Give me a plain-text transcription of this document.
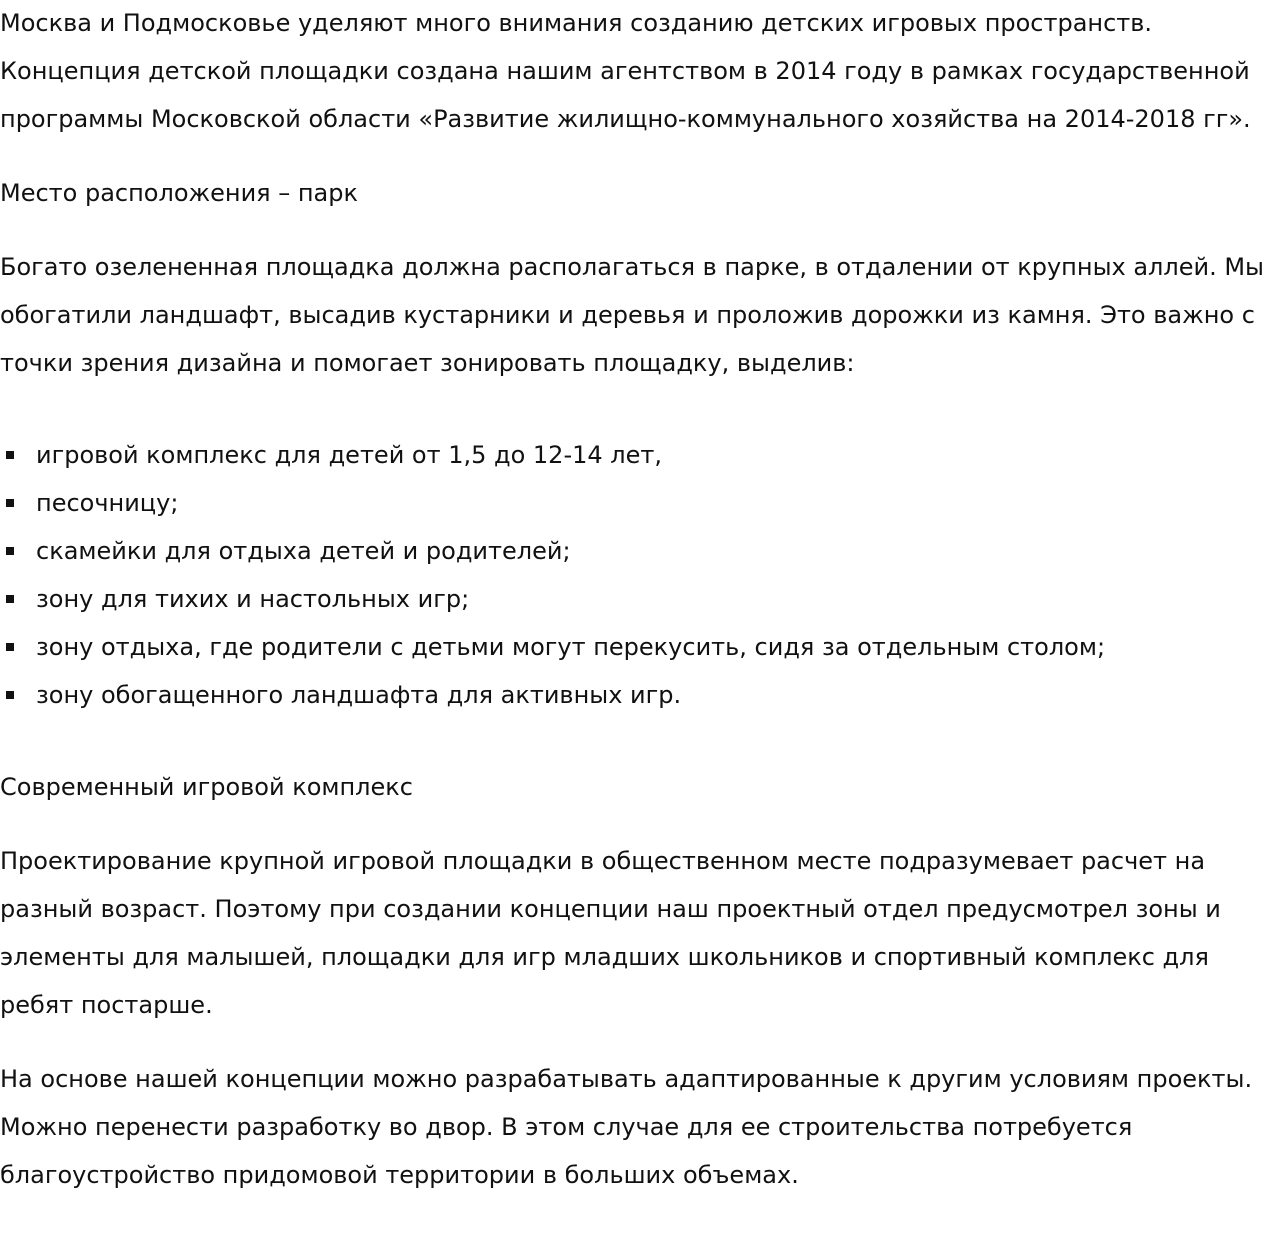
Москва и Подмосковье уделяют много внимания созданию детских игровых пространств. Концепция детской площадки создана нашим агентством в 2014 году в рамках государственной программы Московской области «Развитие жилищно-коммунального хозяйства на 2014-2018 гг».

Место расположения – парк

Богато озелененная площадка должна располагаться в парке, в отдалении от крупных аллей. Мы обогатили ландшафт, высадив кустарники и деревья и проложив дорожки из камня. Это важно с точки зрения дизайна и помогает зонировать площадку, выделив:

игровой комплекс для детей от 1,5 до 12-14 лет,
песочницу;
скамейки для отдыха детей и родителей;
зону для тихих и настольных игр;
зону отдыха, где родители с детьми могут перекусить, сидя за отдельным столом;
зону обогащенного ландшафта для активных игр.

Современный игровой комплекс

Проектирование крупной игровой площадки в общественном месте подразумевает расчет на разный возраст. Поэтому при создании концепции наш проектный отдел предусмотрел зоны и элементы для малышей, площадки для игр младших школьников и спортивный комплекс для ребят постарше.

На основе нашей концепции можно разрабатывать адаптированные к другим условиям проекты. Можно перенести разработку во двор. В этом случае для ее строительства потребуется благоустройство придомовой территории в больших объемах.
